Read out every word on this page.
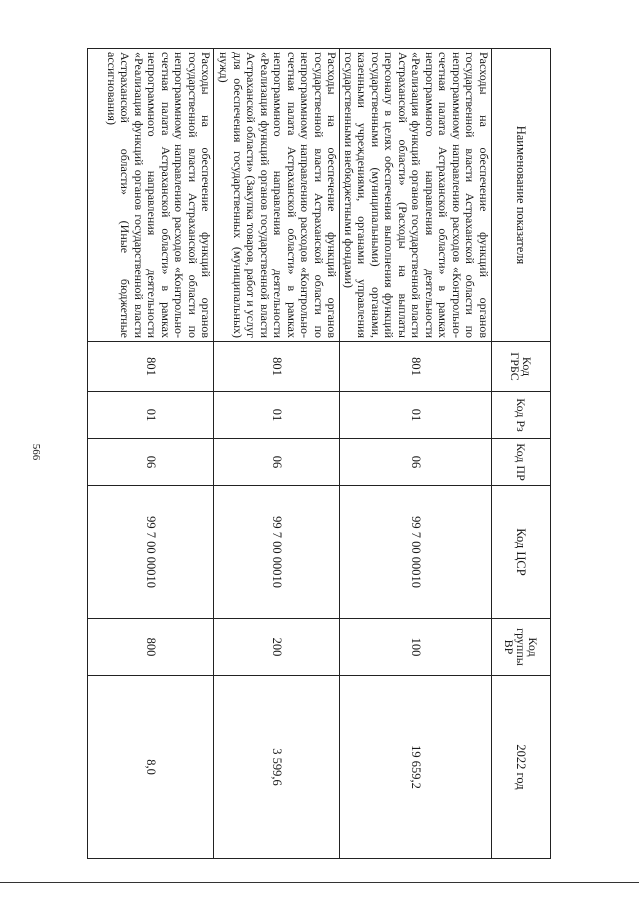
566
Наименование показателя	Код ГРБС	Код Рз	Код ПР	Код ЦСР	Код группы ВР	2022 год
Расходы на обеспечение функций органов государственной власти Астраханской области по непрограммному направлению расходов «Контрольно-счетная палата Астраханской области» в рамках непрограммного направления деятельности «Реализация функций органов государственной власти Астраханской области» (Расходы на выплаты персоналу в целях обеспечения выполнения функций государственными (муниципальными) органами, казенными учреждениями, органами управления государственными внебюджетными фондами)	801	01	06	99 7 00 00010	100	19 659,2
Расходы на обеспечение функций органов государственной власти Астраханской области по непрограммному направлению расходов «Контрольно-счетная палата Астраханской области» в рамках непрограммного направления деятельности «Реализация функций органов государственной власти Астраханской области» (Закупка товаров, работ и услуг для обеспечения государственных (муниципальных) нужд)	801	01	06	99 7 00 00010	200	3 599,6
Расходы на обеспечение функций органов государственной власти Астраханской области по непрограммному направлению расходов «Контрольно-счетная палата Астраханской области» в рамках непрограммного направления деятельности «Реализация функций органов государственной власти Астраханской области» (Иные бюджетные ассигнования)	801	01	06	99 7 00 00010	800	8,0
